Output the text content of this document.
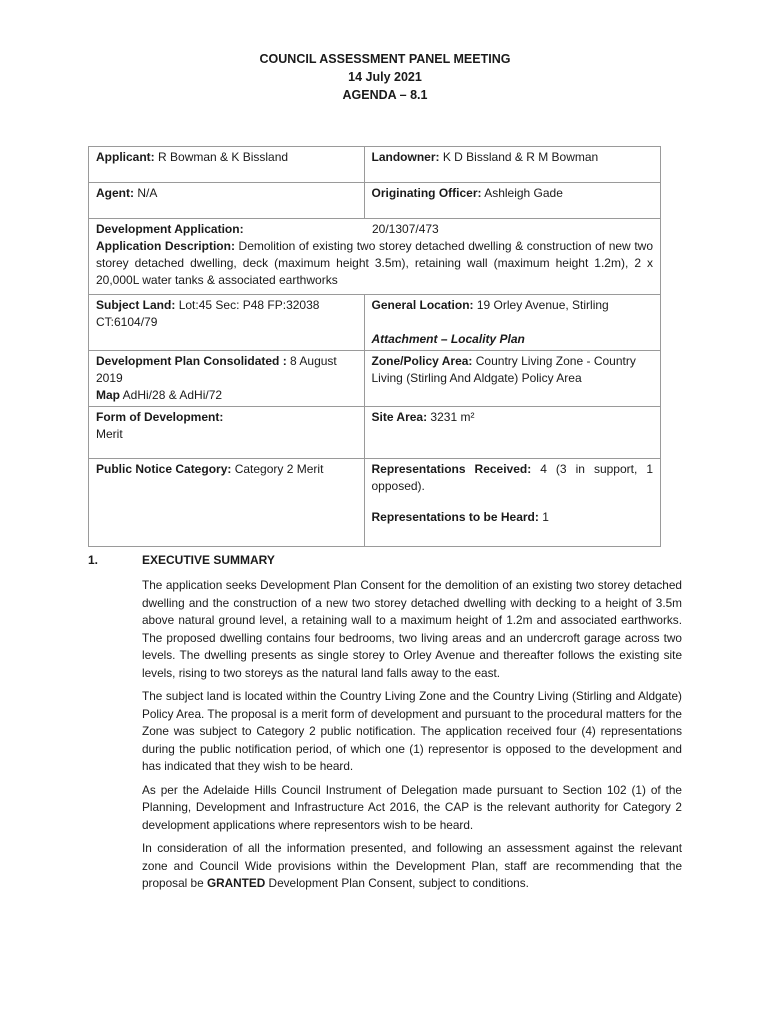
COUNCIL ASSESSMENT PANEL MEETING
14 July 2021
AGENDA – 8.1
Applicant: R Bowman & K Bissland	Landowner: K D Bissland & R M Bowman
Agent: N/A	Originating Officer: Ashleigh Gade

Development Application: 20/1307/473
Application Description: Demolition of existing two storey detached dwelling & construction of new two storey detached dwelling, deck (maximum height 3.5m), retaining wall (maximum height 1.2m), 2 x 20,000L water tanks & associated earthworks	

Subject Land: Lot:45 Sec: P48 FP:32038 CT:6104/79	General Location: 19 Orley Avenue, Stirling
Attachment – Locality Plan

Development Plan Consolidated : 8 August 2019
Map AdHi/28 & AdHi/72	Zone/Policy Area: Country Living Zone - Country Living (Stirling And Aldgate) Policy Area

Form of Development:
Merit	Site Area: 3231 m²
Public Notice Category: Category 2 Merit	Representations Received: 4 (3 in support, 1 opposed).
Representations to be Heard: 1
1.	EXECUTIVE SUMMARY

The application seeks Development Plan Consent for the demolition of an existing two storey detached dwelling and the construction of a new two storey detached dwelling with decking to a height of 3.5m above natural ground level, a retaining wall to a maximum height of 1.2m and associated earthworks. The proposed dwelling contains four bedrooms, two living areas and an undercroft garage across two levels. The dwelling presents as single storey to Orley Avenue and thereafter follows the existing site levels, rising to two storeys as the natural land falls away to the east.

The subject land is located within the Country Living Zone and the Country Living (Stirling and Aldgate) Policy Area. The proposal is a merit form of development and pursuant to the procedural matters for the Zone was subject to Category 2 public notification. The application received four (4) representations during the public notification period, of which one (1) representor is opposed to the development and has indicated that they wish to be heard.

As per the Adelaide Hills Council Instrument of Delegation made pursuant to Section 102 (1) of the Planning, Development and Infrastructure Act 2016, the CAP is the relevant authority for Category 2 development applications where representors wish to be heard.

In consideration of all the information presented, and following an assessment against the relevant zone and Council Wide provisions within the Development Plan, staff are recommending that the proposal be GRANTED Development Plan Consent, subject to conditions.
